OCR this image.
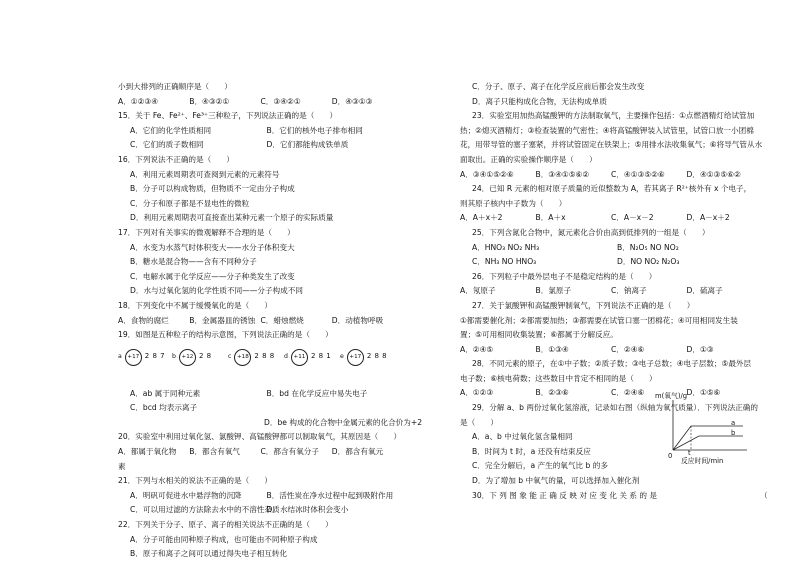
小到大排列的正确顺序是（　　）
A．①②③④	B．④③②①	C．③④②①	D．④③①③
15．关于 Fe、Fe²⁺、Fe³⁺三种粒子，下列说法正确的是（　　）
A．它们的化学性质相同	B．它们的核外电子排布相同
C．它们的质子数相同	D．它们都能构成铁单质
16．下列说法不正确的是（　　）
A．利用元素周期表可查阅到元素的元素符号
B．分子可以构成物质，但物质不一定由分子构成
C．分子和原子都是不显电性的微粒
D．利用元素周期表可直接查出某种元素一个原子的实际质量
17．下列对有关事实的微观解释不合理的是（　　）
A．水变为水蒸气时体积变大——水分子体积变大
B．糖水是混合物——含有不同种分子
C．电解水属于化学反应——分子种类发生了改变
D．水与过氧化氢的化学性质不同——分子构成不同
18．下列变化中不属于缓慢氧化的是（　　）
A．食物的腐烂	B．金属器皿的锈蚀 C．蜡烛燃烧	D．动植物呼吸
19．如图是五种粒子的结构示意图，下列说法正确的是（　　）
a +17 2 8 7 b +12 2 8	c +18 2 8 8 d +11 2 8 1 e +17 2 8 8
A．ab 属于同种元素	B．bd 在化学反应中易失电子
C．bcd 均表示离子
D．be 构成的化合物中金属元素的化合价为+2
20．实验室中利用过氧化氢、氯酸钾、高锰酸钾都可以制取氧气，其原因是（　　）
A．都属于氧化物	B．都含有氧气	C．都含有氧分子	D．都含有氧元
素
21．下列与水相关的说法不正确的是（　　）
A．明矾可促进水中悬浮物的沉降	B．活性炭在净水过程中起到吸附作用
C．可以用过滤的方法除去水中的不溶性杂质
D．水结冰时体积会变小
22．下列关于分子、原子、离子的相关说法不正确的是（　　）
A．分子可能由同种原子构成，也可能由不同种原子构成
B．原子和离子之间可以通过得失电子相互转化
C．分子、原子、离子在化学反应前后都会发生改变
D．离子只能构成化合物，无法构成单质
23．实验室用加热高锰酸钾的方法制取氧气，主要操作包括：①点燃酒精灯给试管加
热；②熄灭酒精灯；③检查装置的气密性；④将高锰酸钾装入试管里，试管口放一小团棉
花，用带导管的塞子塞紧，并将试管固定在铁架上；⑤用排水法收集氧气；⑥将导气管从水
面取出。正确的实验操作顺序是（　　）
A．③④①⑤②⑥	B．③④①⑤⑥②	C．④①③⑤②⑥	D．④①③⑤⑥②
24．已知 R 元素的相对原子质量的近似整数为 A，若其离子 R²⁺核外有 x 个电子，
则其原子核内中子数为（　　）
A．A＋x＋2	B．A＋x	C．A－x－2	D．A－x＋2
25．下列含氮化合物中，氮元素化合价由高到低排列的一组是（　　）
A．HNO₃ NO₂ NH₃	B．N₂O₅ NO NO₂
C．NH₃ NO HNO₃	D．NO NO₂ N₂O₃
26．下列粒子中最外层电子不是稳定结构的是（　　）
A．氖原子	B．氯原子	C．钠离子	D．硫离子
27．关于氯酸钾和高锰酸钾制氧气，下列说法不正确的是（　　）
①都需要催化剂；②都需要加热；③都需要在试管口塞一团棉花；④可用相同发生装
置；⑤可用相同收集装置；⑥都属于分解反应。
A．②④⑤	B．①③④	C．②④⑥	D．①③
28．不同元素的原子，在①中子数；②质子数；③电子总数；④电子层数；⑤最外层
电子数；⑥核电荷数；这些数目中肯定不相同的是（　　）
A．①②③	B．②③⑥	C．②④⑥	D．①⑤⑥
29．分解 a、b 两份过氧化氢溶液，记录如右图（纵轴为氧气质量）．下列说法正确的
是（　　）
A．a、b 中过氧化氢含量相同
B．时间为 t 时，a 还没有结束反应
C．完全分解后，a 产生的氧气比 b 的多
D．为了增加 b 中氧气的量，可以选择加入催化剂
30．下 列 图 象 能 正 确 反 映 对 应 变 化 关 系 的 是	（
m(氧气)/g
a
b
0 t
反应时间/min
